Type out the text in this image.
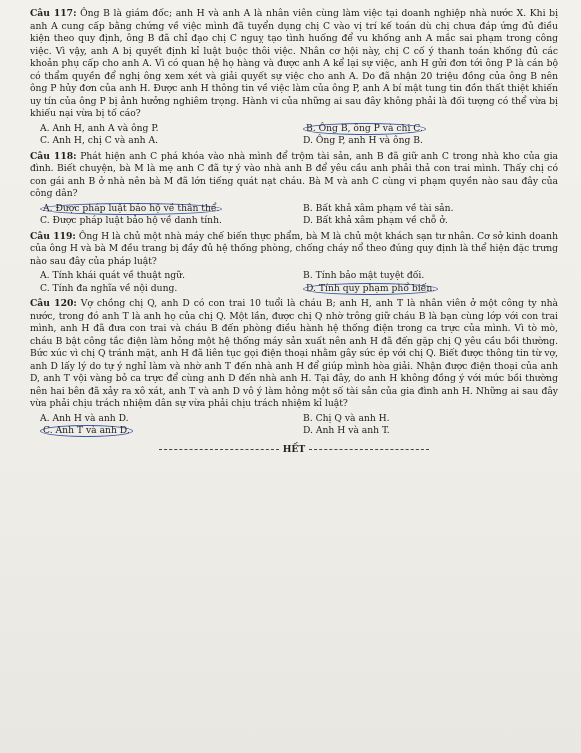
Câu 117: Ông B là giám đốc; anh H và anh A là nhân viên cùng làm việc tại doanh nghiệp nhà nước X. Khi bị anh A cung cấp bằng chứng về việc mình đã tuyển dụng chị C vào vị trí kế toán dù chị chưa đáp ứng đủ điều kiện theo quy định, ông B đã chỉ đạo chị C nguỵ tạo tình huống để vu khống anh A mắc sai phạm trong công việc. Vì vậy, anh A bị quyết định kỉ luật buộc thôi việc. Nhân cơ hội này, chị C cố ý thanh toán khống đủ các khoản phụ cấp cho anh A. Vì có quan hệ họ hàng và được anh A kể lại sự việc, anh H gửi đơn tới ông P là cán bộ có thẩm quyền để nghị ông xem xét và giải quyết sự việc cho anh A. Do đã nhận 20 triệu đồng của ông B nên ông P hủy đơn của anh H. Được anh H thông tin về việc làm của ông P, anh A bí mật tung tin đồn thất thiệt khiến uy tín của ông P bị ảnh hưởng nghiêm trọng. Hành vi của những ai sau đây không phải là đối tượng có thể vừa bị khiếu nại vừa bị tố cáo?

A. Anh H, anh A và ông P.	B. Ông B, ông P và chị C.
C. Anh H, chị C và anh A.	D. Ông P, anh H và ông B.

Câu 118: Phát hiện anh C phá khóa vào nhà mình để trộm tài sản, anh B đã giữ anh C trong nhà kho của gia đình. Biết chuyện, bà M là mẹ anh C đã tự ý vào nhà anh B để yêu cầu anh phải thả con trai mình. Thấy chị có con gái anh B ở nhà nên bà M đã lớn tiếng quát nạt cháu. Bà M và anh C cùng vi phạm quyền nào sau đây của công dân?

A. Được pháp luật bảo hộ về thân thể.	B. Bất khả xâm phạm về tài sản.
C. Được pháp luật bảo hộ về danh tính.	D. Bất khả xâm phạm về chỗ ở.

Câu 119: Ông H là chủ một nhà máy chế biến thực phẩm, bà M là chủ một khách sạn tư nhân. Cơ sở kinh doanh của ông H và bà M đều trang bị đầy đủ hệ thống phòng, chống cháy nổ theo đúng quy định là thể hiện đặc trưng nào sau đây của pháp luật?

A. Tính khái quát về thuật ngữ.	B. Tính bảo mật tuyệt đối.
C. Tính đa nghĩa về nội dung.	D. Tính quy phạm phổ biến.

Câu 120: Vợ chồng chị Q, anh D có con trai 10 tuổi là cháu B; anh H, anh T là nhân viên ở một công ty nhà nước, trong đó anh T là anh họ của chị Q. Một lần, được chị Q nhờ trông giữ cháu B là bạn cùng lớp với con trai mình, anh H đã đưa con trai và cháu B đến phòng điều hành hệ thống điện trong ca trực của mình. Vì tò mò, cháu B bật công tắc điện làm hỏng một hệ thống máy sản xuất nên anh H đã đến gặp chị Q yêu cầu bồi thường. Bức xúc vì chị Q tránh mặt, anh H đã liên tục gọi điện thoại nhằm gây sức ép với chị Q. Biết được thông tin từ vợ, anh D lấy lý do tự ý nghỉ làm và nhờ anh T đến nhà anh H để giúp mình hòa giải. Nhận được điện thoại của anh D, anh T vội vàng bỏ ca trực để cùng anh D đến nhà anh H. Tại đây, do anh H không đồng ý với mức bồi thường nên hai bên đã xảy ra xô xát, anh T và anh D vô ý làm hỏng một số tài sản của gia đình anh H. Những ai sau đây vừa phải chịu trách nhiệm dân sự vừa phải chịu trách nhiệm kỉ luật?

A. Anh H và anh D.	B. Chị Q và anh H.
C. Anh T và anh D.	D. Anh H và anh T.
HẾT
